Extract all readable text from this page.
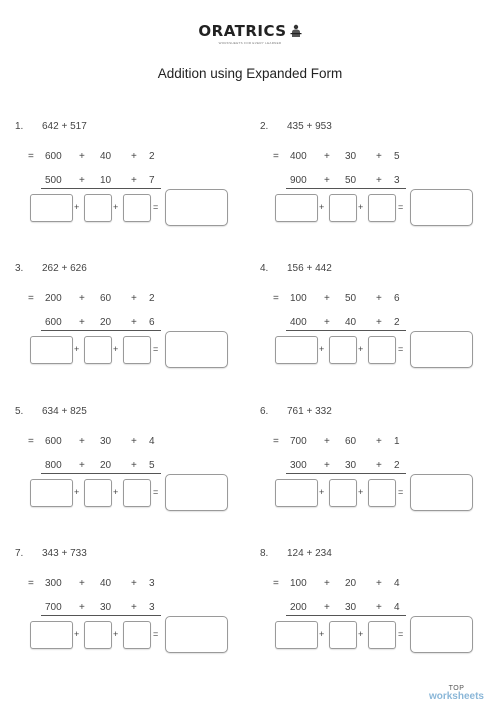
ORATRICS
WORKSHEETS FOR EVERY LEARNER
Addition using Expanded Form
1. 642 + 517
= 600 + 40 + 2
500 + 10 + 7
+	+	=
2. 435 + 953
= 400 + 30 + 5
900 + 50 + 3
+	+	=
3. 262 + 626
= 200 + 60 + 2
600 + 20 + 6
+	+	=
4. 156 + 442
= 100 + 50 + 6
400 + 40 + 2
+	+	=
5. 634 + 825
= 600 + 30 + 4
800 + 20 + 5
+	+	=
6. 761 + 332
= 700 + 60 + 1
300 + 30 + 2
+	+	=
7. 343 + 733
= 300 + 40 + 3
700 + 30 + 3
+	+	=
8. 124 + 234
= 100 + 20 + 4
200 + 30 + 4
+	+	=
TOP
worksheets
